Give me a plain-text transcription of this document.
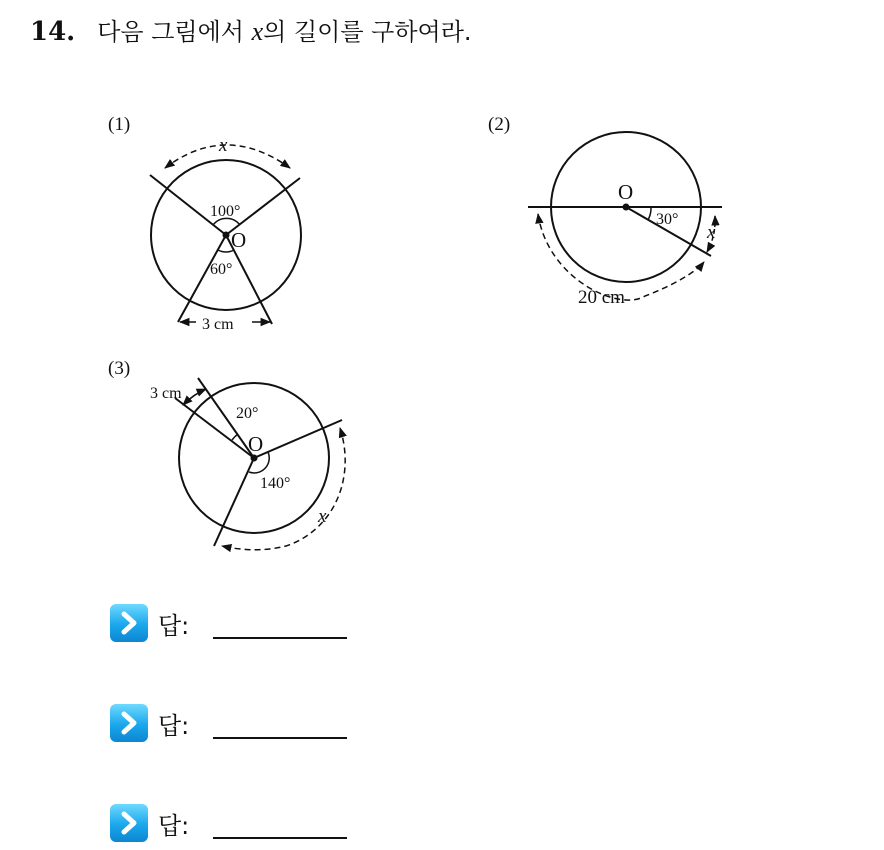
14. 다음 그림에서 x의 길이를 구하여라.
(1)
x
100°
O
60°
3 cm
(2)
O
30°
x
20 cm
(3)
3 cm
20°
O
140°
x
답:
답:
답:
